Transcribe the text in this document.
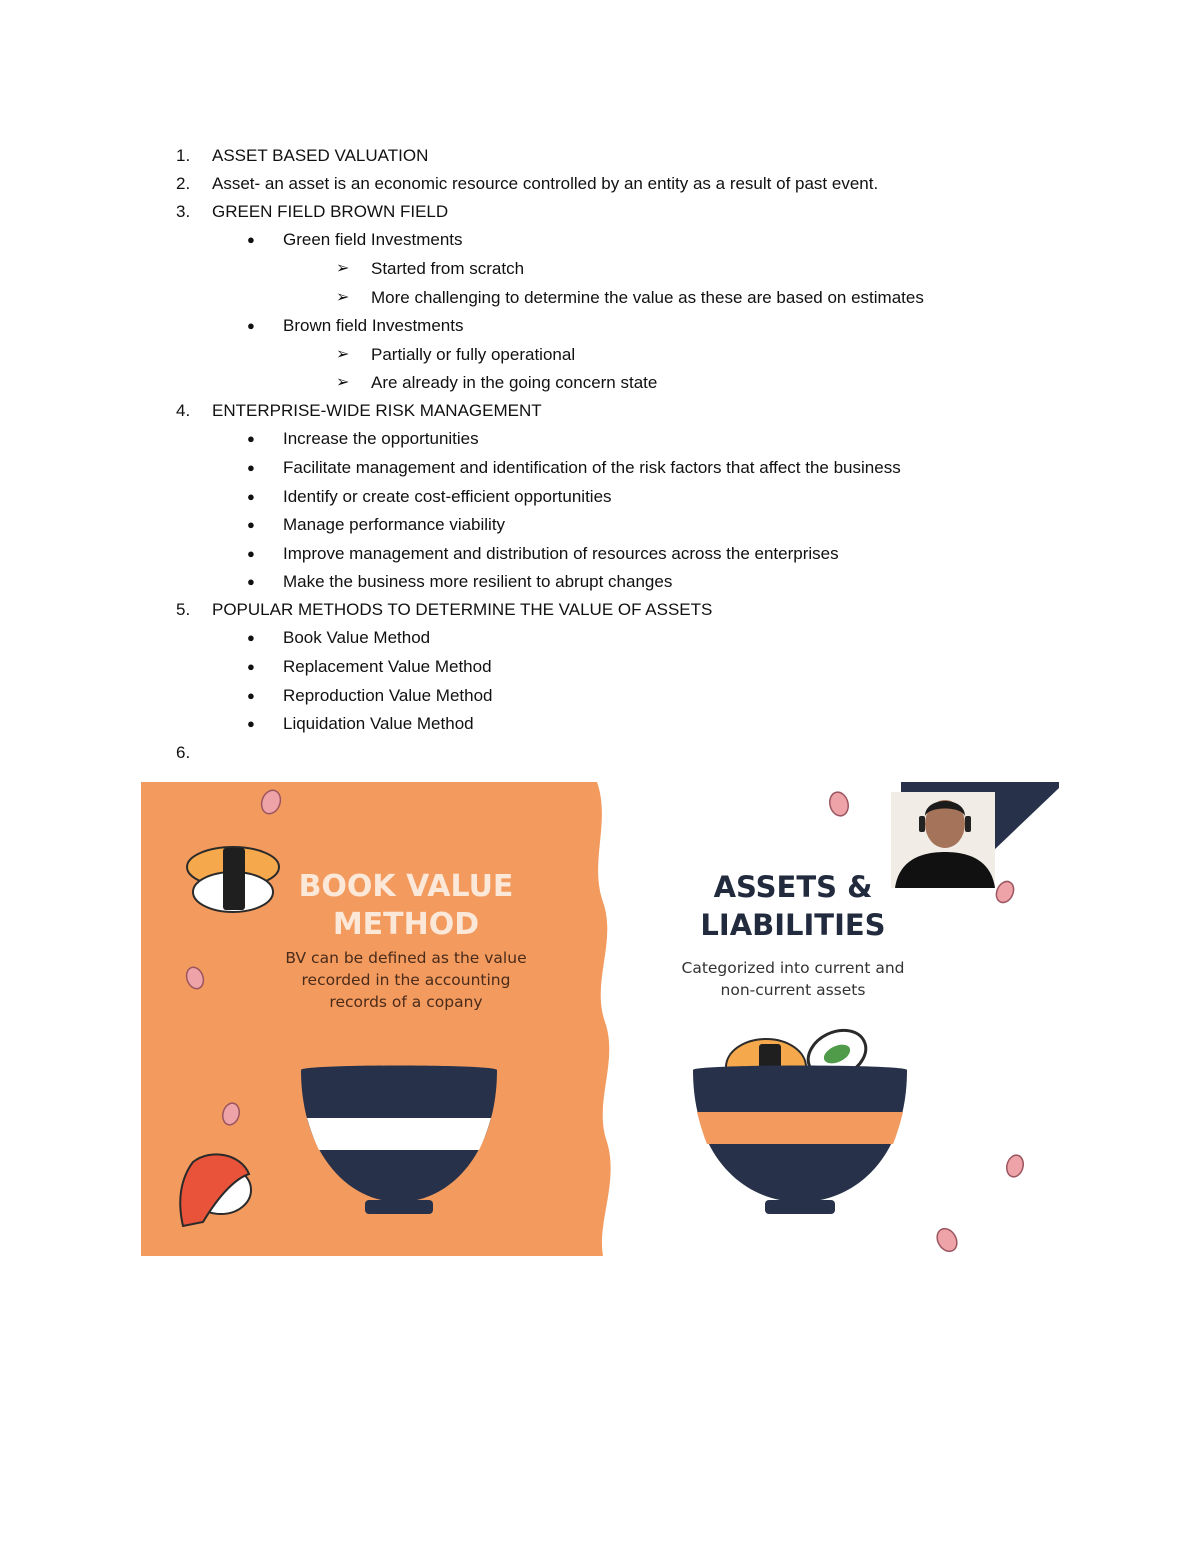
1.	ASSET BASED VALUATION
2.	Asset- an asset is an economic resource controlled by an entity as a result of past event.
3.	GREEN FIELD BROWN FIELD
● Green field Investments
➢ Started from scratch
➢ More challenging to determine the value as these are based on estimates
● Brown field Investments
➢ Partially or fully operational
➢ Are already in the going concern state
4.	ENTERPRISE-WIDE RISK MANAGEMENT
● Increase the opportunities
● Facilitate management and identification of the risk factors that affect the business
● Identify or create cost-efficient opportunities
● Manage performance viability
● Improve management and distribution of resources across the enterprises
● Make the business more resilient to abrupt changes
5.	POPULAR METHODS TO DETERMINE THE VALUE OF ASSETS
● Book Value Method
● Replacement Value Method
● Reproduction Value Method
● Liquidation Value Method
6.
BOOK VALUE
METHOD
BV can be defined as the value
recorded in the accounting
records of a copany
ASSETS &
LIABILITIES
Categorized into current and
non-current assets
